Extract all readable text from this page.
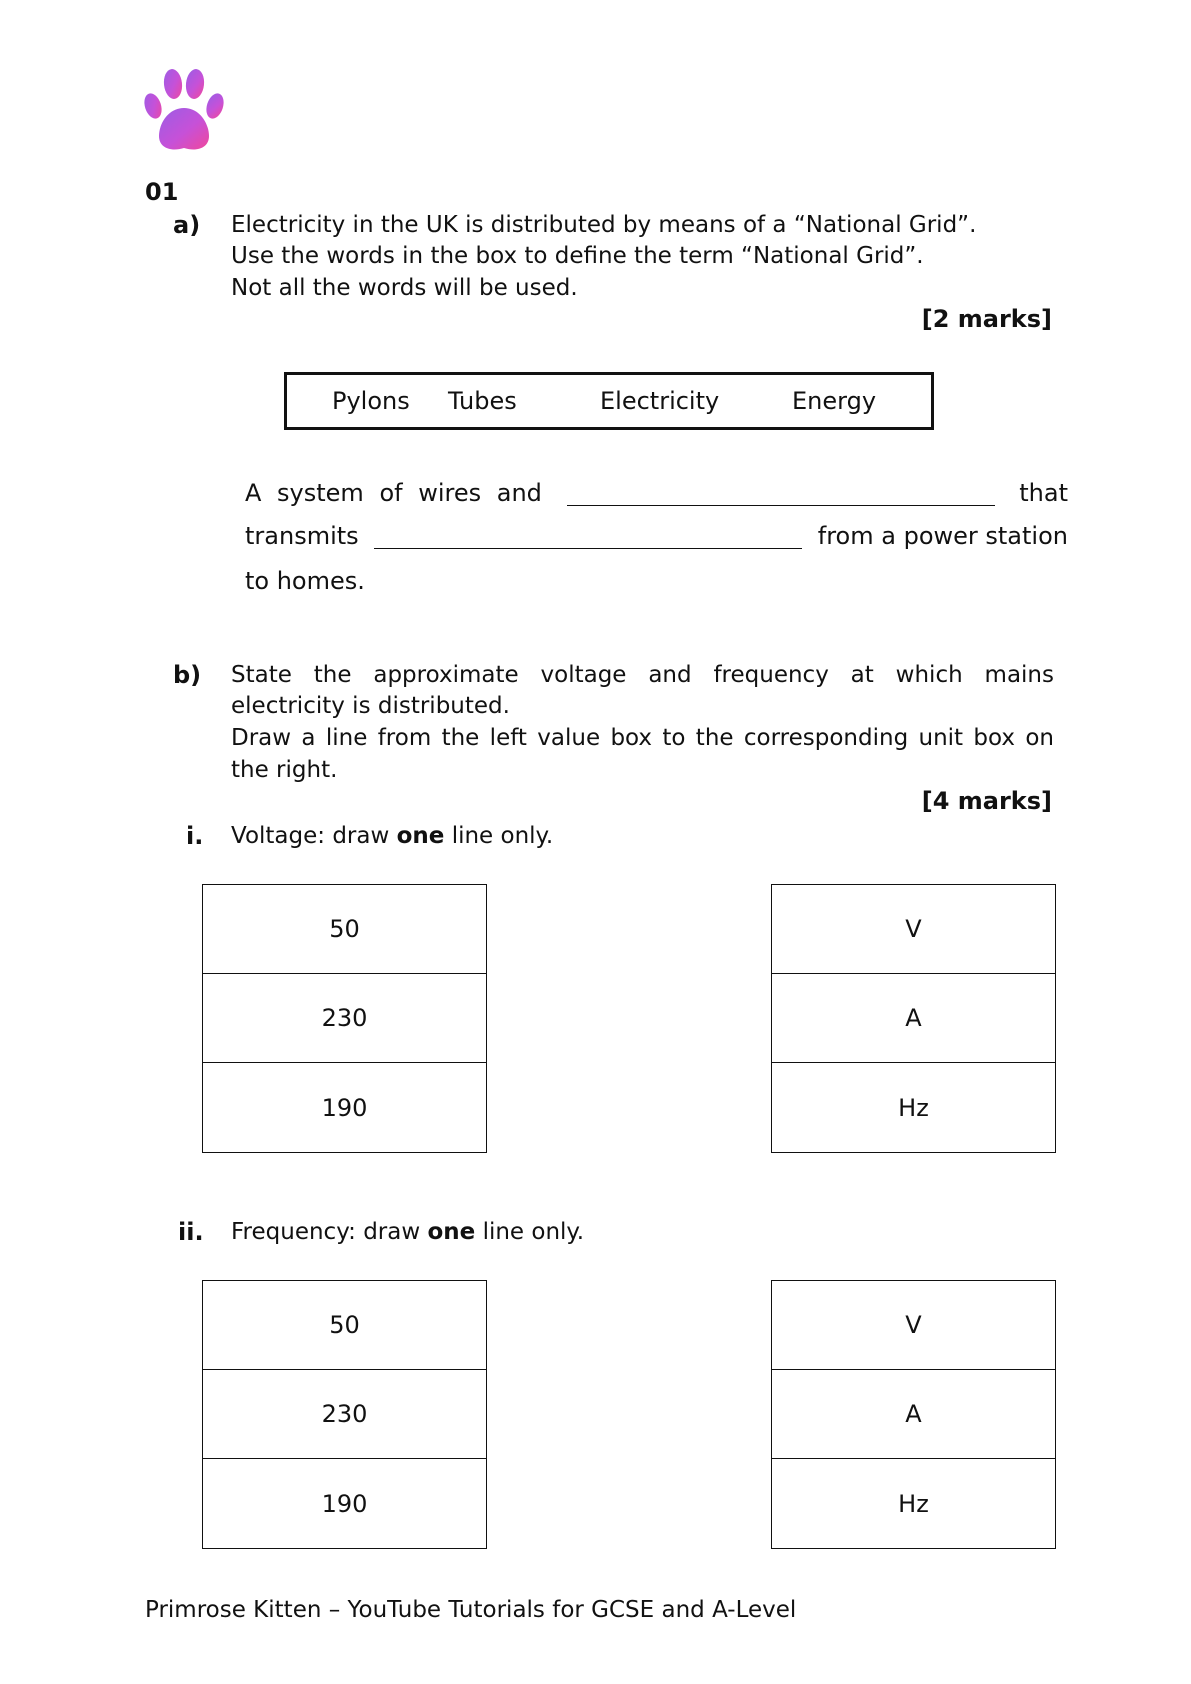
01
a) Electricity in the UK is distributed by means of a “National Grid”.
Use the words in the box to define the term “National Grid”.
Not all the words will be used.
[2 marks]
Pylons Tubes	Electricity	Energy
A system of wires and	that
transmits	from a power station
to homes.
b) State the approximate voltage and frequency at which mains
electricity is distributed.
Draw a line from the left value box to the corresponding unit box on
the right.
[4 marks]
i. Voltage: draw one line only.
50
230
190
V
A
Hz
ii. Frequency: draw one line only.
50
230
190
V
A
Hz
Primrose Kitten – YouTube Tutorials for GCSE and A-Level
